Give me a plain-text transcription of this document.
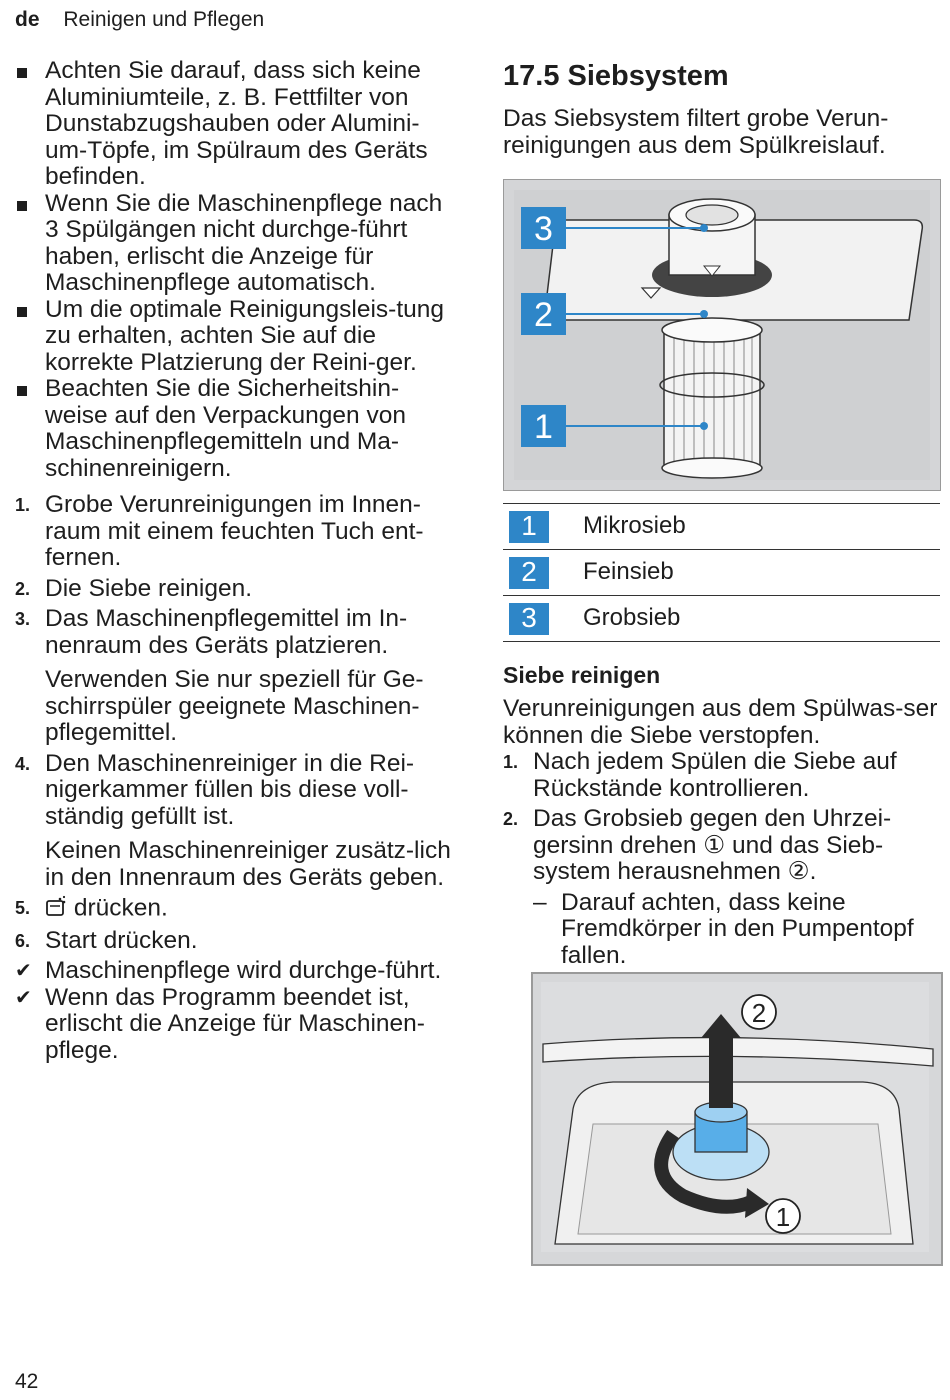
de Reinigen und Pflegen
Achten Sie darauf, dass sich keine Aluminiumteile, z. B. Fettfilter von Dunstabzugshauben oder Alumini-um-Töpfe, im Spülraum des Geräts befinden.
Wenn Sie die Maschinenpflege nach 3 Spülgängen nicht durchge-führt haben, erlischt die Anzeige für Maschinenpflege automatisch.
Um die optimale Reinigungsleis-tung zu erhalten, achten Sie auf die korrekte Platzierung der Reini-ger.
Beachten Sie die Sicherheitshin-weise auf den Verpackungen von Maschinenpflegemitteln und Ma-schinenreinigern.
1. Grobe Verunreinigungen im Innen-raum mit einem feuchten Tuch ent-fernen.
2. Die Siebe reinigen.
3. Das Maschinenpflegemittel im In-nenraum des Geräts platzieren.
Verwenden Sie nur speziell für Ge-schirrspüler geeignete Maschinen-pflegemittel.
4. Den Maschinenreiniger in die Rei-nigerkammer füllen bis diese voll-ständig gefüllt ist.
Keinen Maschinenreiniger zusätz-lich in den Innenraum des Geräts geben.
5.	drücken.
6. Start drücken.
✔ Maschinenpflege wird durchge-führt.
✔ Wenn das Programm beendet ist, erlischt die Anzeige für Maschinen-pflege.
17.5 Siebsystem

Das Siebsystem filtert grobe Verun-reinigungen aus dem Spülkreislauf.

3
2
1
1	Mikrosieb
2	Feinsieb
3	Grobsieb
Siebe reinigen

Verunreinigungen aus dem Spülwas-ser können die Siebe verstopfen.

1. Nach jedem Spülen die Siebe auf Rückstände kontrollieren.
2. Das Grobsieb gegen den Uhrzei-gersinn drehen ① und das Sieb-system herausnehmen ②.
– Darauf achten, dass keine Fremdkörper in den Pumpentopf fallen.
2
1
42
